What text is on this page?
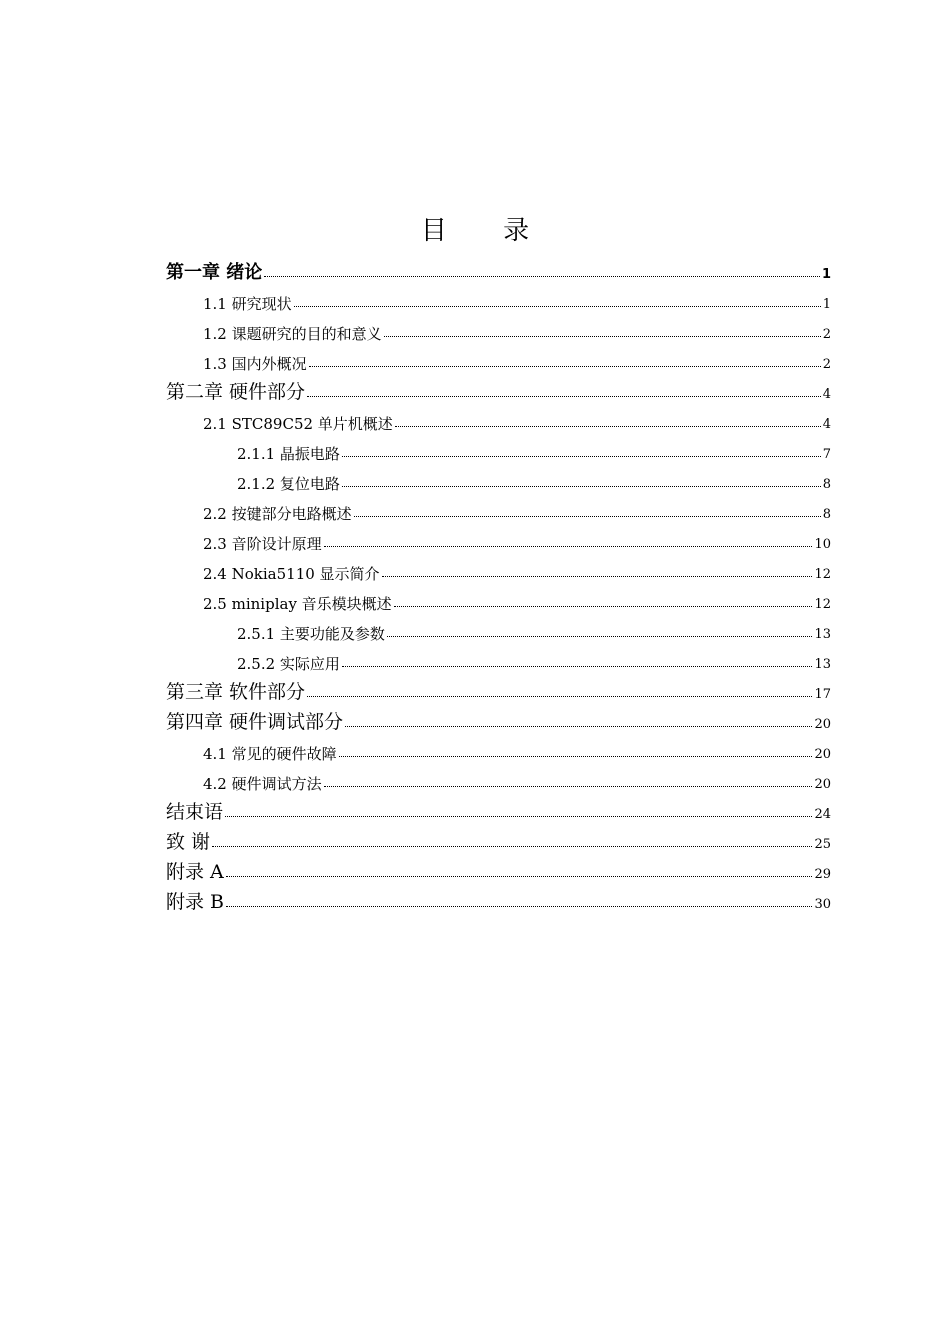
目 录
第一章 绪论	1
1.1 研究现状	1
1.2 课题研究的目的和意义	2
1.3 国内外概况	2
第二章 硬件部分	4
2.1 STC89C52 单片机概述	4
2.1.1 晶振电路	7
2.1.2 复位电路	8
2.2 按键部分电路概述	8
2.3 音阶设计原理	10
2.4 Nokia5110 显示简介	12
2.5 miniplay 音乐模块概述	12
2.5.1 主要功能及参数	13
2.5.2 实际应用	13
第三章 软件部分	17
第四章 硬件调试部分	20
4.1 常见的硬件故障	20
4.2 硬件调试方法	20
结束语	24
致 谢	25
附录 A	29
附录 B	30
